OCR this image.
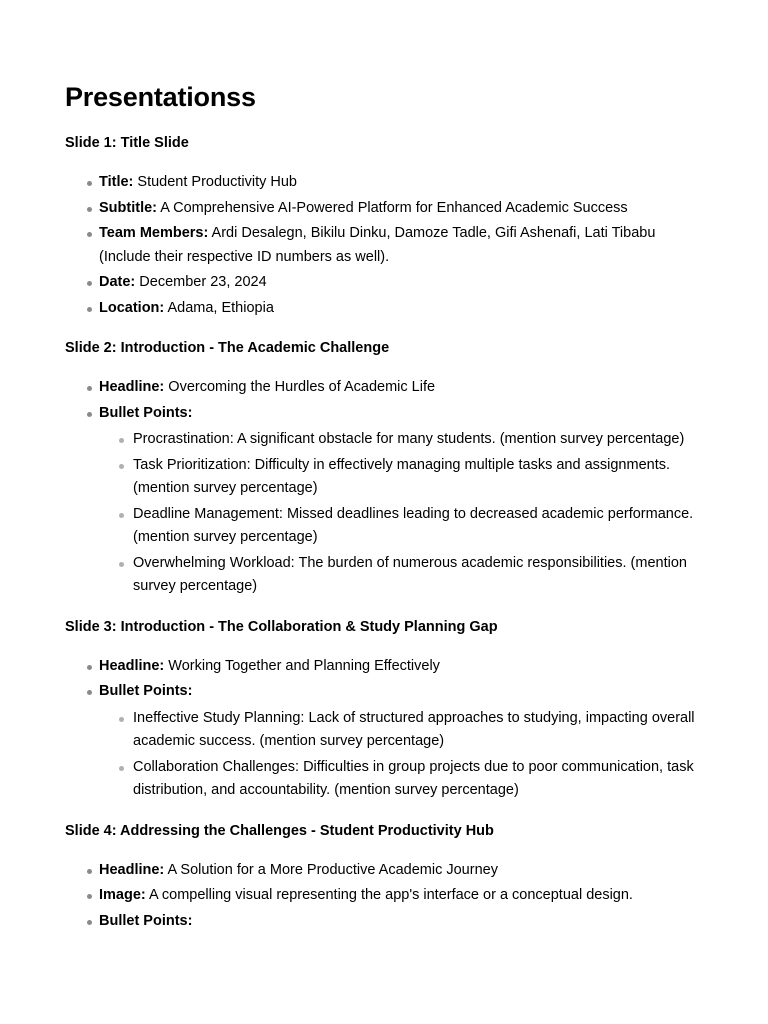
Presentationss

Slide 1: Title Slide

Title: Student Productivity Hub
Subtitle: A Comprehensive AI-Powered Platform for Enhanced Academic Success
Team Members: Ardi Desalegn, Bikilu Dinku, Damoze Tadle, Gifi Ashenafi, Lati Tibabu (Include their respective ID numbers as well).
Date: December 23, 2024
Location: Adama, Ethiopia

Slide 2: Introduction - The Academic Challenge

Headline: Overcoming the Hurdles of Academic Life
Bullet Points:
Procrastination: A significant obstacle for many students. (mention survey percentage)
Task Prioritization: Difficulty in effectively managing multiple tasks and assignments. (mention survey percentage)
Deadline Management: Missed deadlines leading to decreased academic performance. (mention survey percentage)
Overwhelming Workload: The burden of numerous academic responsibilities. (mention survey percentage)

Slide 3: Introduction - The Collaboration & Study Planning Gap

Headline: Working Together and Planning Effectively
Bullet Points:
Ineffective Study Planning: Lack of structured approaches to studying, impacting overall academic success. (mention survey percentage)
Collaboration Challenges: Difficulties in group projects due to poor communication, task distribution, and accountability. (mention survey percentage)

Slide 4: Addressing the Challenges - Student Productivity Hub

Headline: A Solution for a More Productive Academic Journey
Image: A compelling visual representing the app's interface or a conceptual design.
Bullet Points:
